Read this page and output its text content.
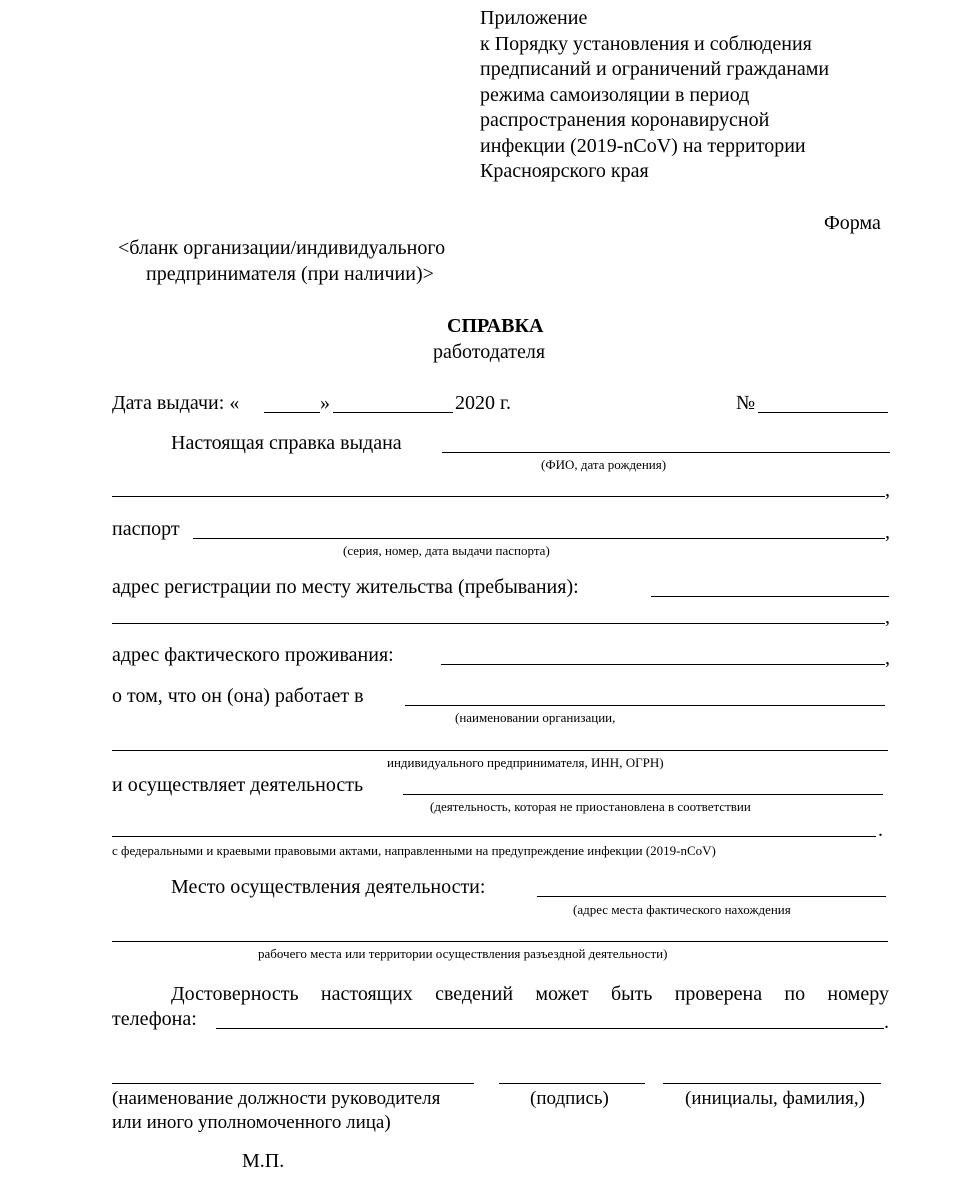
Приложение
к Порядку установления и соблюдения
предписаний и ограничений гражданами
режима самоизоляции в период
распространения коронавирусной
инфекции (2019-nCoV) на территории
Красноярского края
Форма
<бланк организации/индивидуального
предпринимателя (при наличии)>
СПРАВКА
работодателя
Дата выдачи: «	»	2020 г.	№
Настоящая справка выдана
(ФИО, дата рождения)
,
паспорт	,
(серия, номер, дата выдачи паспорта)
адрес регистрации по месту жительства (пребывания):
,
адрес фактического проживания:	,
о том, что он (она) работает в
(наименовании организации,
индивидуального предпринимателя, ИНН, ОГРН)
и осуществляет деятельность
(деятельность, которая не приостановлена в соответствии
.
с федеральными и краевыми правовыми актами, направленными на предупреждение инфекции (2019-nCoV)
Место осуществления деятельности:
(адрес места фактического нахождения
рабочего места или территории осуществления разъездной деятельности)
Достоверность настоящих сведений может быть проверена по номеру
телефона:	.
(наименование должности руководителя
или иного уполномоченного лица)
(подпись)	(инициалы, фамилия,)
М.П.
